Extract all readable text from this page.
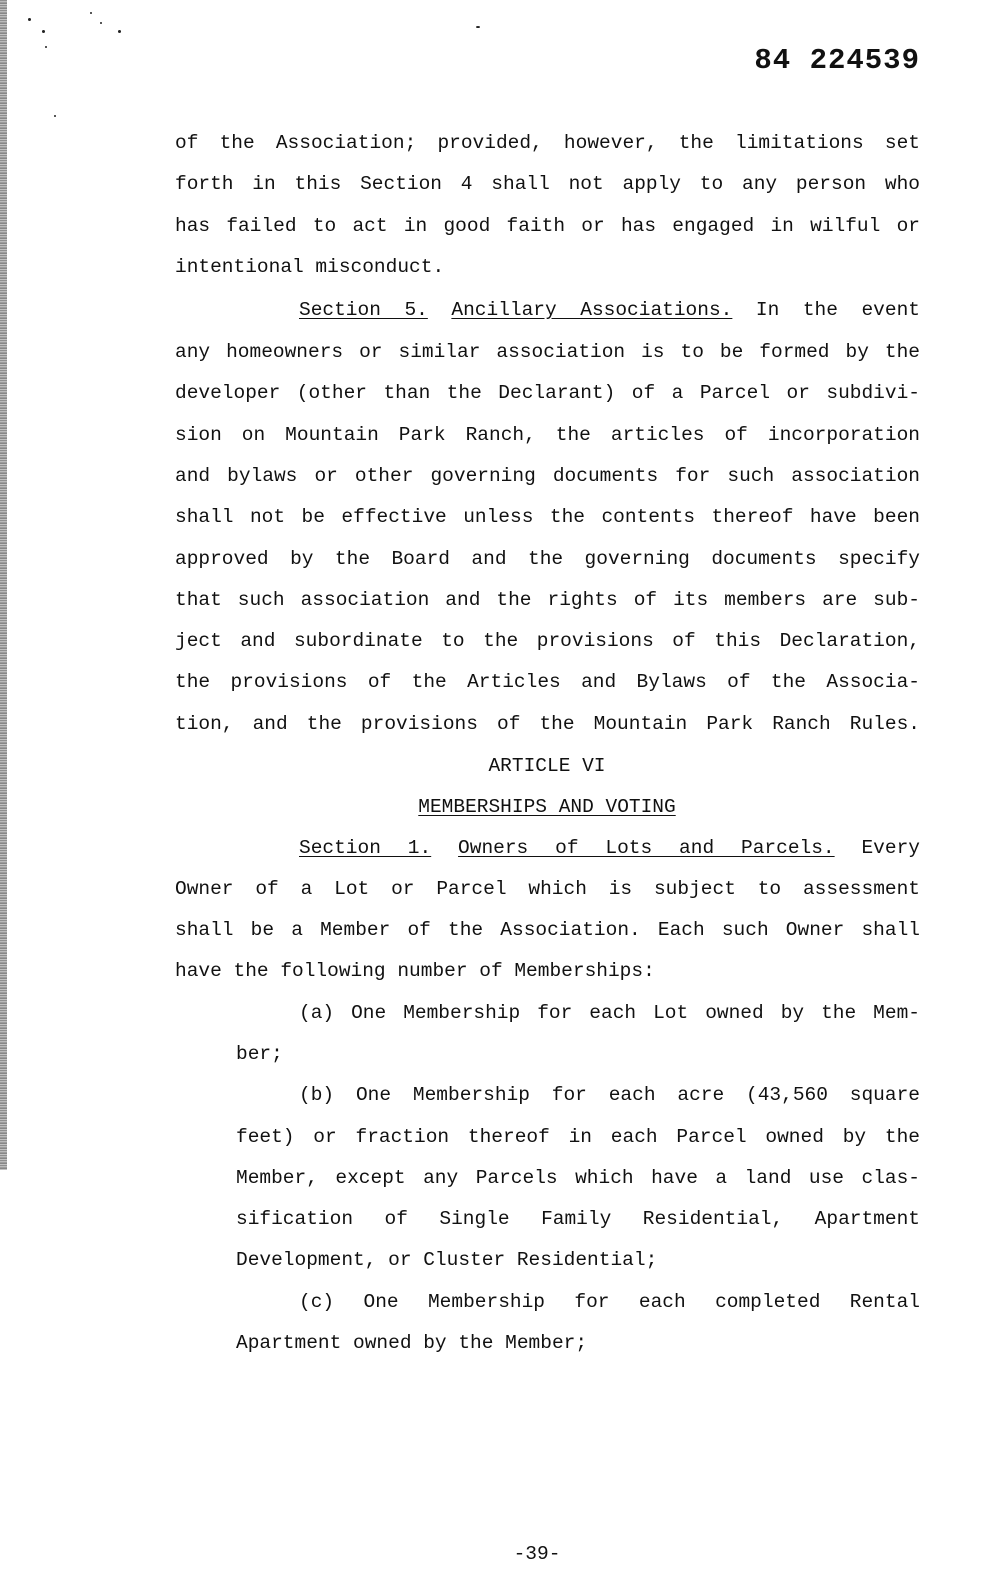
84 224539
of the Association; provided, however, the limitations set
forth in this Section 4 shall not apply to any person who
has failed to act in good faith or has engaged in wilful or
intentional misconduct.
Section 5. Ancillary Associations. In the event
any homeowners or similar association is to be formed by the
developer (other than the Declarant) of a Parcel or subdivi-
sion on Mountain Park Ranch, the articles of incorporation
and bylaws or other governing documents for such association
shall not be effective unless the contents thereof have been
approved by the Board and the governing documents specify
that such association and the rights of its members are sub-
ject and subordinate to the provisions of this Declaration,
the provisions of the Articles and Bylaws of the Associa-
tion, and the provisions of the Mountain Park Ranch Rules.
ARTICLE VI
MEMBERSHIPS AND VOTING
Section 1. Owners of Lots and Parcels. Every
Owner of a Lot or Parcel which is subject to assessment
shall be a Member of the Association. Each such Owner shall
have the following number of Memberships:
(a) One Membership for each Lot owned by the Mem-
ber;
(b) One Membership for each acre (43,560 square
feet) or fraction thereof in each Parcel owned by the
Member, except any Parcels which have a land use clas-
sification of Single Family Residential, Apartment
Development, or Cluster Residential;
(c) One Membership for each completed Rental
Apartment owned by the Member;
-39-
